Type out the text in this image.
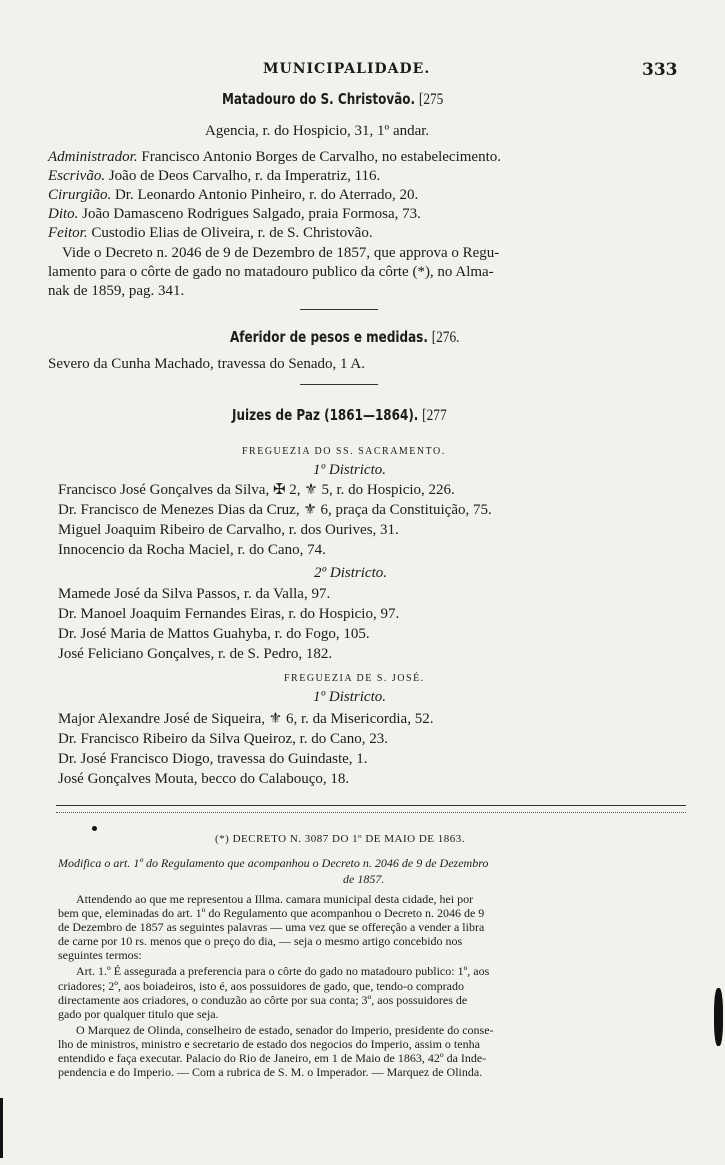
MUNICIPALIDADE.	333
Matadouro do S. Christovão. [275
Agencia, r. do Hospicio, 31, 1º andar.
Administrador. Francisco Antonio Borges de Carvalho, no estabelecimento.
Escrivão. João de Deos Carvalho, r. da Imperatriz, 116.
Cirurgião. Dr. Leonardo Antonio Pinheiro, r. do Aterrado, 20.
Dito. João Damasceno Rodrigues Salgado, praia Formosa, 73.
Feitor. Custodio Elias de Oliveira, r. de S. Christovão.
Vide o Decreto n. 2046 de 9 de Dezembro de 1857, que approva o Regu-
lamento para o côrte de gado no matadouro publico da côrte (*), no Alma-
nak de 1859, pag. 341.
Aferidor de pesos e medidas. [276.
Severo da Cunha Machado, travessa do Senado, 1 A.
Juizes de Paz (1861—1864). [277
FREGUEZIA DO SS. SACRAMENTO.
1º Districto.
Francisco José Gonçalves da Silva, ✠ 2, ⚜ 5, r. do Hospicio, 226.
Dr. Francisco de Menezes Dias da Cruz, ⚜ 6, praça da Constituição, 75.
Miguel Joaquim Ribeiro de Carvalho, r. dos Ourives, 31.
Innocencio da Rocha Maciel, r. do Cano, 74.
2º Districto.
Mamede José da Silva Passos, r. da Valla, 97.
Dr. Manoel Joaquim Fernandes Eiras, r. do Hospicio, 97.
Dr. José Maria de Mattos Guahyba, r. do Fogo, 105.
José Feliciano Gonçalves, r. de S. Pedro, 182.
FREGUEZIA DE S. JOSÉ.
1º Districto.
Major Alexandre José de Siqueira, ⚜ 6, r. da Misericordia, 52.
Dr. Francisco Ribeiro da Silva Queiroz, r. do Cano, 23.
Dr. José Francisco Diogo, travessa do Guindaste, 1.
José Gonçalves Mouta, becco do Calabouço, 18.
(*) DECRETO N. 3087 DO 1º DE MAIO DE 1863.
Modifica o art. 1º do Regulamento que acompanhou o Decreto n. 2046 de 9 de Dezembro
de 1857.
Attendendo ao que me representou a Illma. camara municipal desta cidade, hei por
bem que, eleminadas do art. 1º do Regulamento que acompanhou o Decreto n. 2046 de 9
de Dezembro de 1857 as seguintes palavras — uma vez que se offereção a vender a libra
de carne por 10 rs. menos que o preço do dia, — seja o mesmo artigo concebido nos
seguintes termos:
Art. 1.º É assegurada a preferencia para o côrte do gado no matadouro publico: 1º, aos
criadores; 2º, aos boiadeiros, isto é, aos possuidores de gado, que, tendo-o comprado
directamente aos criadores, o conduzão ao côrte por sua conta; 3º, aos possuidores de
gado por qualquer titulo que seja.
O Marquez de Olinda, conselheiro de estado, senador do Imperio, presidente do conse-
lho de ministros, ministro e secretario de estado dos negocios do Imperio, assim o tenha
entendido e faça executar. Palacio do Rio de Janeiro, em 1 de Maio de 1863, 42º da Inde-
pendencia e do Imperio. — Com a rubrica de S. M. o Imperador. — Marquez de Olinda.
